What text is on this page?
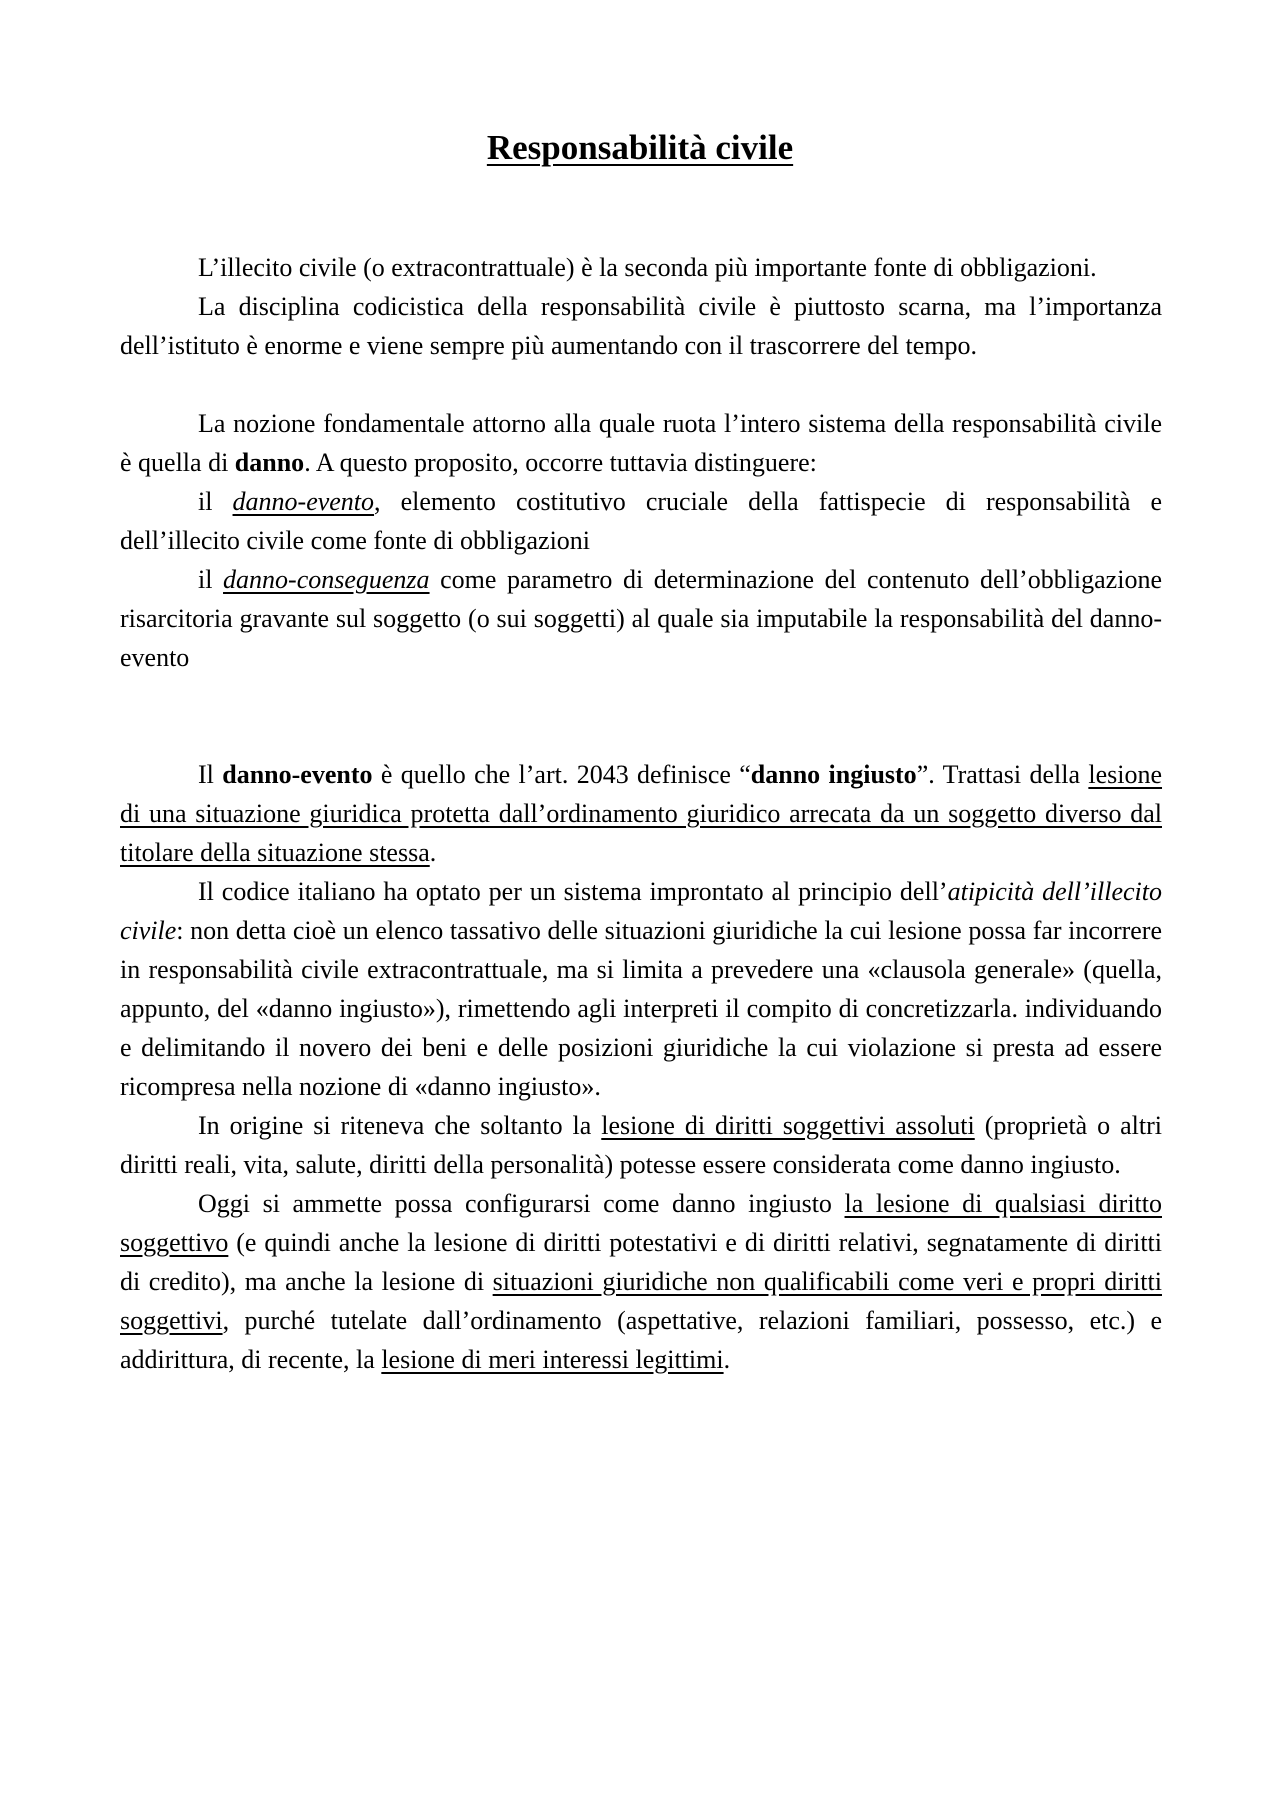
Responsabilità civile

L’illecito civile (o extracontrattuale) è la seconda più importante fonte di obbligazioni.

La disciplina codicistica della responsabilità civile è piuttosto scarna, ma l’importanza dell’istituto è enorme e viene sempre più aumentando con il trascorrere del tempo.

La nozione fondamentale attorno alla quale ruota l’intero sistema della responsabilità civile è quella di danno. A questo proposito, occorre tuttavia distinguere:

il danno-evento, elemento costitutivo cruciale della fattispecie di responsabilità e dell’illecito civile come fonte di obbligazioni

il danno-conseguenza come parametro di determinazione del contenuto dell’obbligazione risarcitoria gravante sul soggetto (o sui soggetti) al quale sia imputabile la responsabilità del danno-evento

Il danno-evento è quello che l’art. 2043 definisce “danno ingiusto”. Trattasi della lesione di una situazione giuridica protetta dall’ordinamento giuridico arrecata da un soggetto diverso dal titolare della situazione stessa.

Il codice italiano ha optato per un sistema improntato al principio dell’atipicità dell’illecito civile: non detta cioè un elenco tassativo delle situazioni giuridiche la cui lesione possa far incorrere in responsabilità civile extracontrattuale, ma si limita a prevedere una «clausola generale» (quella, appunto, del «danno ingiusto»), rimettendo agli interpreti il compito di concretizzarla. individuando e delimitando il novero dei beni e delle posizioni giuridiche la cui violazione si presta ad essere ricompresa nella nozione di «danno ingiusto».

In origine si riteneva che soltanto la lesione di diritti soggettivi assoluti (proprietà o altri diritti reali, vita, salute, diritti della personalità) potesse essere considerata come danno ingiusto.

Oggi si ammette possa configurarsi come danno ingiusto la lesione di qualsiasi diritto soggettivo (e quindi anche la lesione di diritti potestativi e di diritti relativi, segnatamente di diritti di credito), ma anche la lesione di situazioni giuridiche non qualificabili come veri e propri diritti soggettivi, purché tutelate dall’ordinamento (aspettative, relazioni familiari, possesso, etc.) e addirittura, di recente, la lesione di meri interessi legittimi.
